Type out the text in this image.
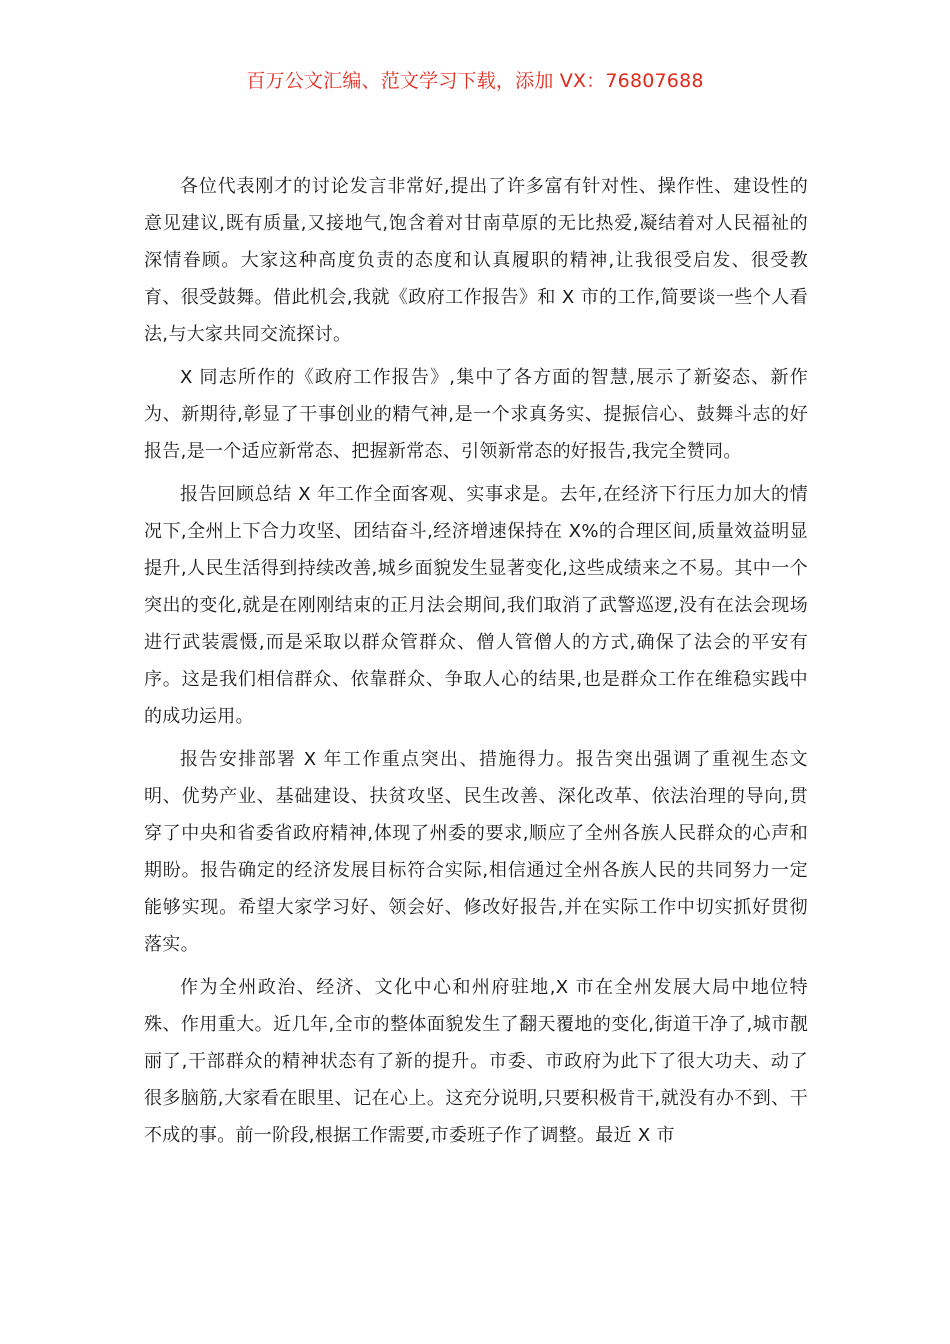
百万公文汇编、范文学习下载，添加 VX：76807688

各位代表刚才的讨论发言非常好,提出了许多富有针对性、操作性、建设性的意见建议,既有质量,又接地气,饱含着对甘南草原的无比热爱,凝结着对人民福祉的深情眷顾。大家这种高度负责的态度和认真履职的精神,让我很受启发、很受教育、很受鼓舞。借此机会,我就《政府工作报告》和 X 市的工作,简要谈一些个人看法,与大家共同交流探讨。

X 同志所作的《政府工作报告》,集中了各方面的智慧,展示了新姿态、新作为、新期待,彰显了干事创业的精气神,是一个求真务实、提振信心、鼓舞斗志的好报告,是一个适应新常态、把握新常态、引领新常态的好报告,我完全赞同。

报告回顾总结 X 年工作全面客观、实事求是。去年,在经济下行压力加大的情况下,全州上下合力攻坚、团结奋斗,经济增速保持在 X%的合理区间,质量效益明显提升,人民生活得到持续改善,城乡面貌发生显著变化,这些成绩来之不易。其中一个突出的变化,就是在刚刚结束的正月法会期间,我们取消了武警巡逻,没有在法会现场进行武装震慑,而是采取以群众管群众、僧人管僧人的方式,确保了法会的平安有序。这是我们相信群众、依靠群众、争取人心的结果,也是群众工作在维稳实践中的成功运用。

报告安排部署 X 年工作重点突出、措施得力。报告突出强调了重视生态文明、优势产业、基础建设、扶贫攻坚、民生改善、深化改革、依法治理的导向,贯穿了中央和省委省政府精神,体现了州委的要求,顺应了全州各族人民群众的心声和期盼。报告确定的经济发展目标符合实际,相信通过全州各族人民的共同努力一定能够实现。希望大家学习好、领会好、修改好报告,并在实际工作中切实抓好贯彻落实。

作为全州政治、经济、文化中心和州府驻地,X 市在全州发展大局中地位特殊、作用重大。近几年,全市的整体面貌发生了翻天覆地的变化,街道干净了,城市靓丽了,干部群众的精神状态有了新的提升。市委、市政府为此下了很大功夫、动了很多脑筋,大家看在眼里、记在心上。这充分说明,只要积极肯干,就没有办不到、干不成的事。前一阶段,根据工作需要,市委班子作了调整。最近 X 市
